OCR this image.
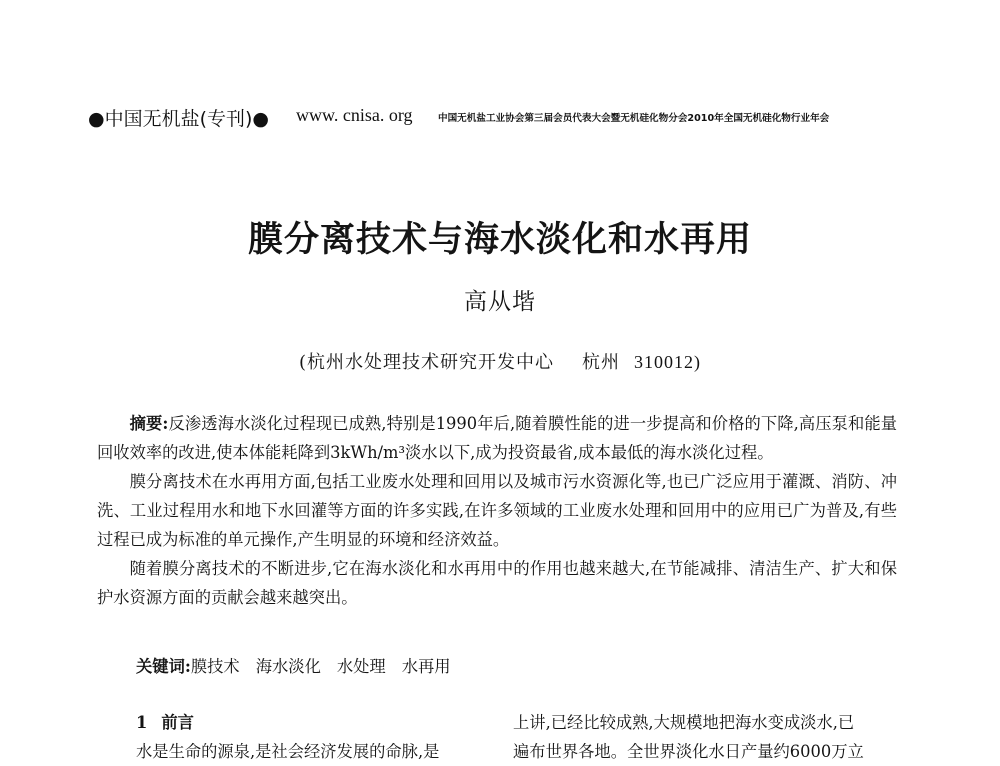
●中国无机盐(专刊)● www. cnisa. org	中国无机盐工业协会第三届会员代表大会暨无机硅化物分会2010年全国无机硅化物行业年会
膜分离技术与海水淡化和水再用
高从堦
(杭州水处理技术研究开发中心 杭州 310012)

摘要:反渗透海水淡化过程现已成熟,特别是1990年后,随着膜性能的进一步提高和价格的下降,高压泵和能量回收效率的改进,使本体能耗降到3kWh/m³淡水以下,成为投资最省,成本最低的海水淡化过程。

膜分离技术在水再用方面,包括工业废水处理和回用以及城市污水资源化等,也已广泛应用于灌溉、消防、冲洗、工业过程用水和地下水回灌等方面的许多实践,在许多领域的工业废水处理和回用中的应用已广为普及,有些过程已成为标准的单元操作,产生明显的环境和经济效益。

随着膜分离技术的不断进步,它在海水淡化和水再用中的作用也越来越大,在节能减排、清洁生产、扩大和保护水资源方面的贡献会越来越突出。

关键词:膜技术 海水淡化 水处理 水再用
1 前言
水是生命的源泉,是社会经济发展的命脉,是
上讲,已经比较成熟,大规模地把海水变成淡水,已
遍布世界各地。全世界淡化水日产量约6000万立
